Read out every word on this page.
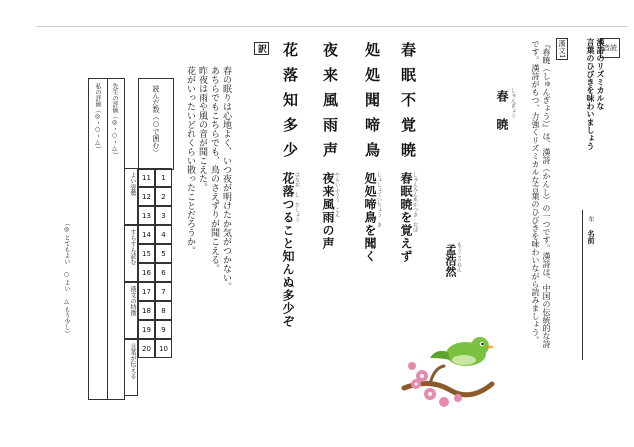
音読
漢詩のリズミカルな
言葉のひびきを味わいましょう
漢文1
『春暁（しゅんぎょう）』は、漢詩（かんし）の一つです。漢詩は、中国の伝統的な詩
です。漢詩がもつ、力強くリズミカルな言葉のひびきを味わいながら読みましょう。	年
名前
しゅんぎょう
春　暁
もうこうねん
孟浩然
春眠不覚暁
処処聞啼鳥
夜来風雨声
花落知多少
しゅんみんあかつき　おぼ
春眠暁を覚えず
しょしょていちょう　き
処処啼鳥を聞く
やらいふうう　こえ
夜来風雨の声
はなお　し　たしょう
花落つること知んぬ多少ぞ
訳
春の眠りは心地よく、いつ夜が明けたか気がつかない。
あちらでもこちらでも、鳥のさえずりが聞こえる。
昨夜は雨や風の音が聞こえた。
花がいったいどれくらい散ったことだろうか。
読んだ数（○で囲む）
11	1
12	2
13	3
14	4
15	5
16	6
17	7
18	8
19	9
20	10
私の評価（◎・○・△） 先生の評価（◎・○・△）
よい姿勢
すらすら読む
漢文の特徴
言葉が伝える
（◎ とてもよい　○ よい　△ もう少し）
